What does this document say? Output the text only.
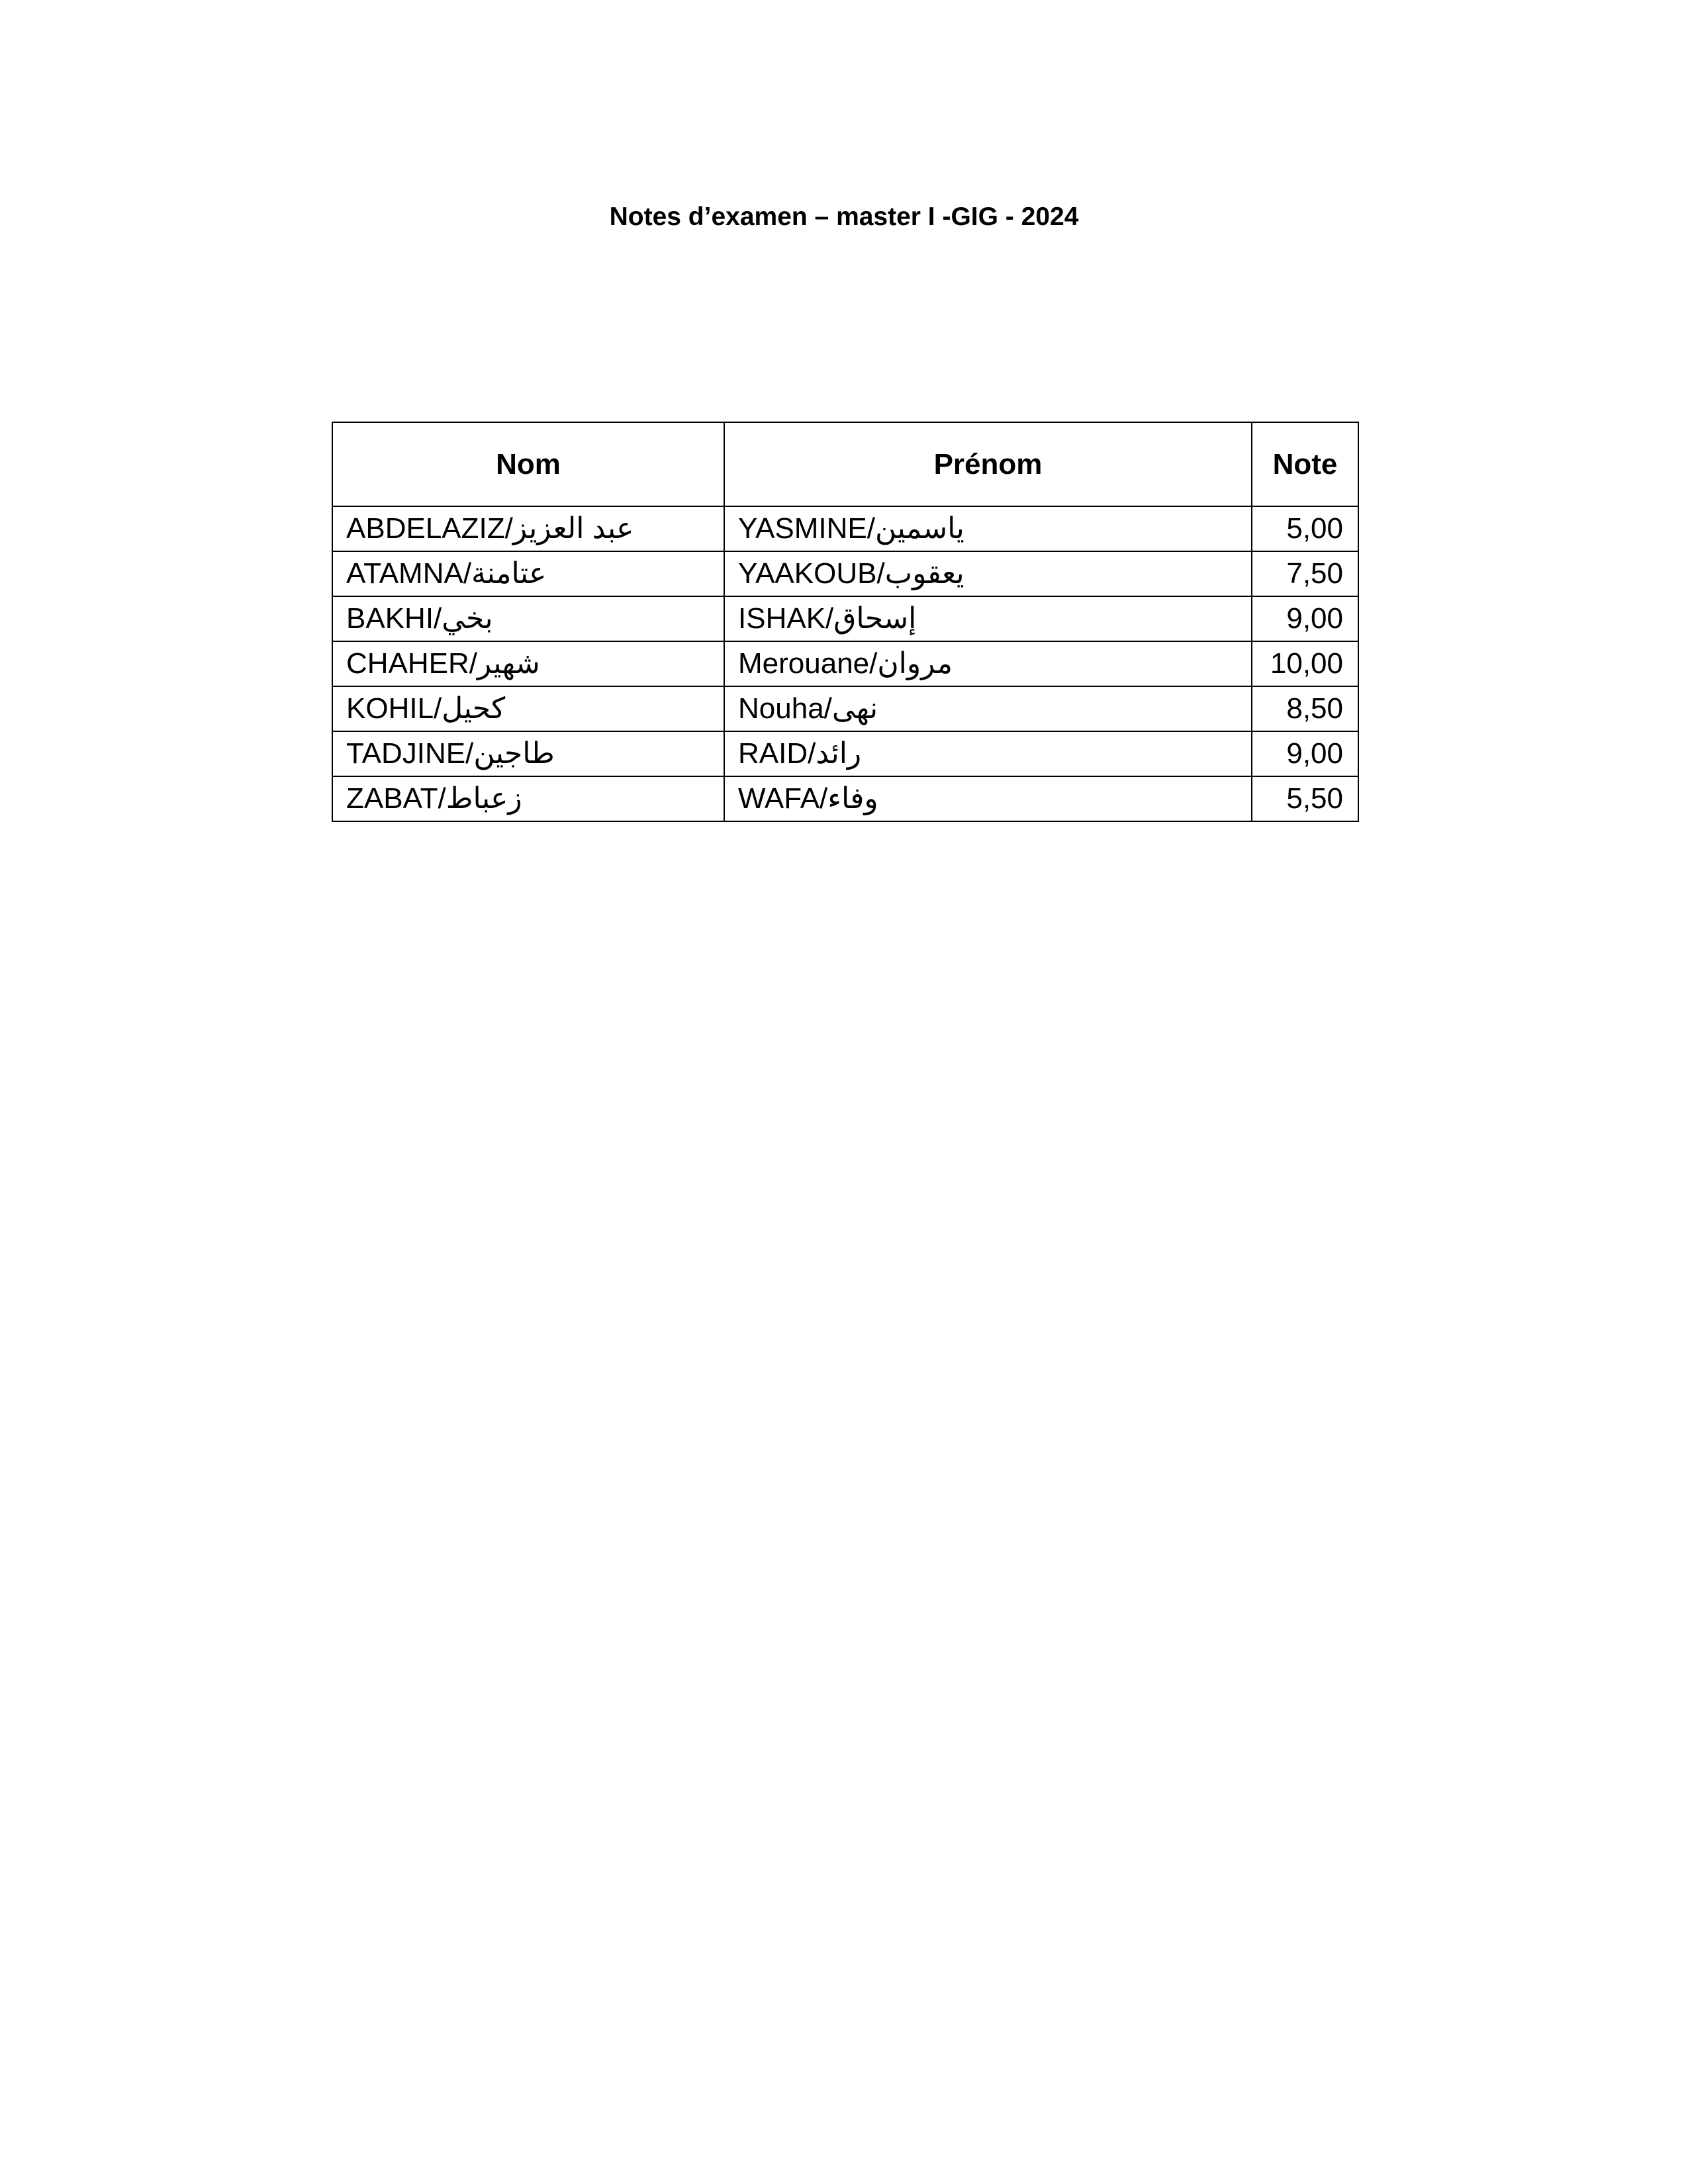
Notes d’examen – master I -GIG - 2024
Nom	Prénom	Note
ABDELAZIZ/عبد العزيز	YASMINE/ياسمين	5,00
ATAMNA/عتامنة	YAAKOUB/يعقوب	7,50
BAKHI/بخي	ISHAK/إسحاق	9,00
CHAHER/شهير	Merouane/مروان	10,00
KOHIL/كحيل	Nouha/نهى	8,50
TADJINE/طاجين	RAID/رائد	9,00
ZABAT/زعباط	WAFA/وفاء	5,50
